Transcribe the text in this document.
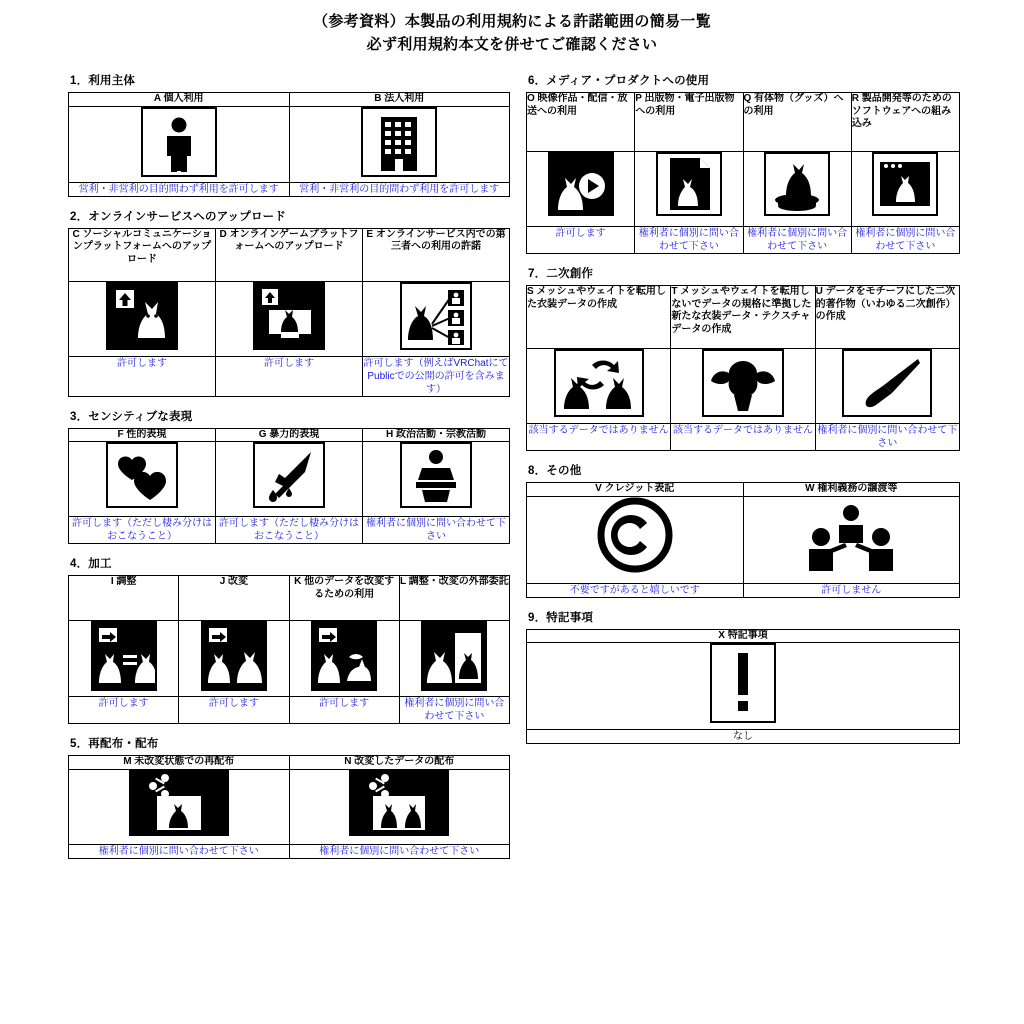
（参考資料）本製品の利用規約による許諾範囲の簡易一覧
必ず利用規約本文を併せてご確認ください
1．利用主体
A 個人利用	B 法人利用

営利・非営利の目的問わず利用を許可します	営利・非営利の目的問わず利用を許可します
2．オンラインサービスへのアップロード
C ソーシャルコミュニケーションプラットフォームへのアップロード	D オンラインゲームプラットフォームへのアップロード	E オンラインサービス内での第三者への利用の許諾

許可します	許可します	許可します（例えばVRChatにてPublicでの公開の許可を含みます）
3．センシティブな表現
F 性的表現	G 暴力的表現	H 政治活動・宗教活動

許可します（ただし棲み分けはおこなうこと）	許可します（ただし棲み分けはおこなうこと）	権利者に個別に問い合わせて下さい
4．加工
I 調整	J 改変	K 他のデータを改変するための利用	L 調整・改変の外部委託

許可します	許可します	許可します	権利者に個別に問い合わせて下さい
5．再配布・配布
M 未改変状態での再配布	N 改変したデータの配布

権利者に個別に問い合わせて下さい	権利者に個別に問い合わせて下さい
6．メディア・プロダクトへの使用
O 映像作品・配信・放送への利用	P 出版物・電子出版物への利用	Q 有体物（グッズ）への利用	R 製品開発等のためのソフトウェアへの組み込み

許可します	権利者に個別に問い合わせて下さい	権利者に個別に問い合わせて下さい	権利者に個別に問い合わせて下さい
7．二次創作
S メッシュやウェイトを転用した衣装データの作成	T メッシュやウェイトを転用しないでデータの規格に準拠した新たな衣装データ・テクスチャデータの作成	U データをモチーフにした二次的著作物（いわゆる二次創作）の作成

該当するデータではありません	該当するデータではありません	権利者に個別に問い合わせて下さい
8．その他
V クレジット表記	W 権利義務の譲渡等

不要ですがあると嬉しいです	許可しません
9．特記事項
X 特記事項

なし
